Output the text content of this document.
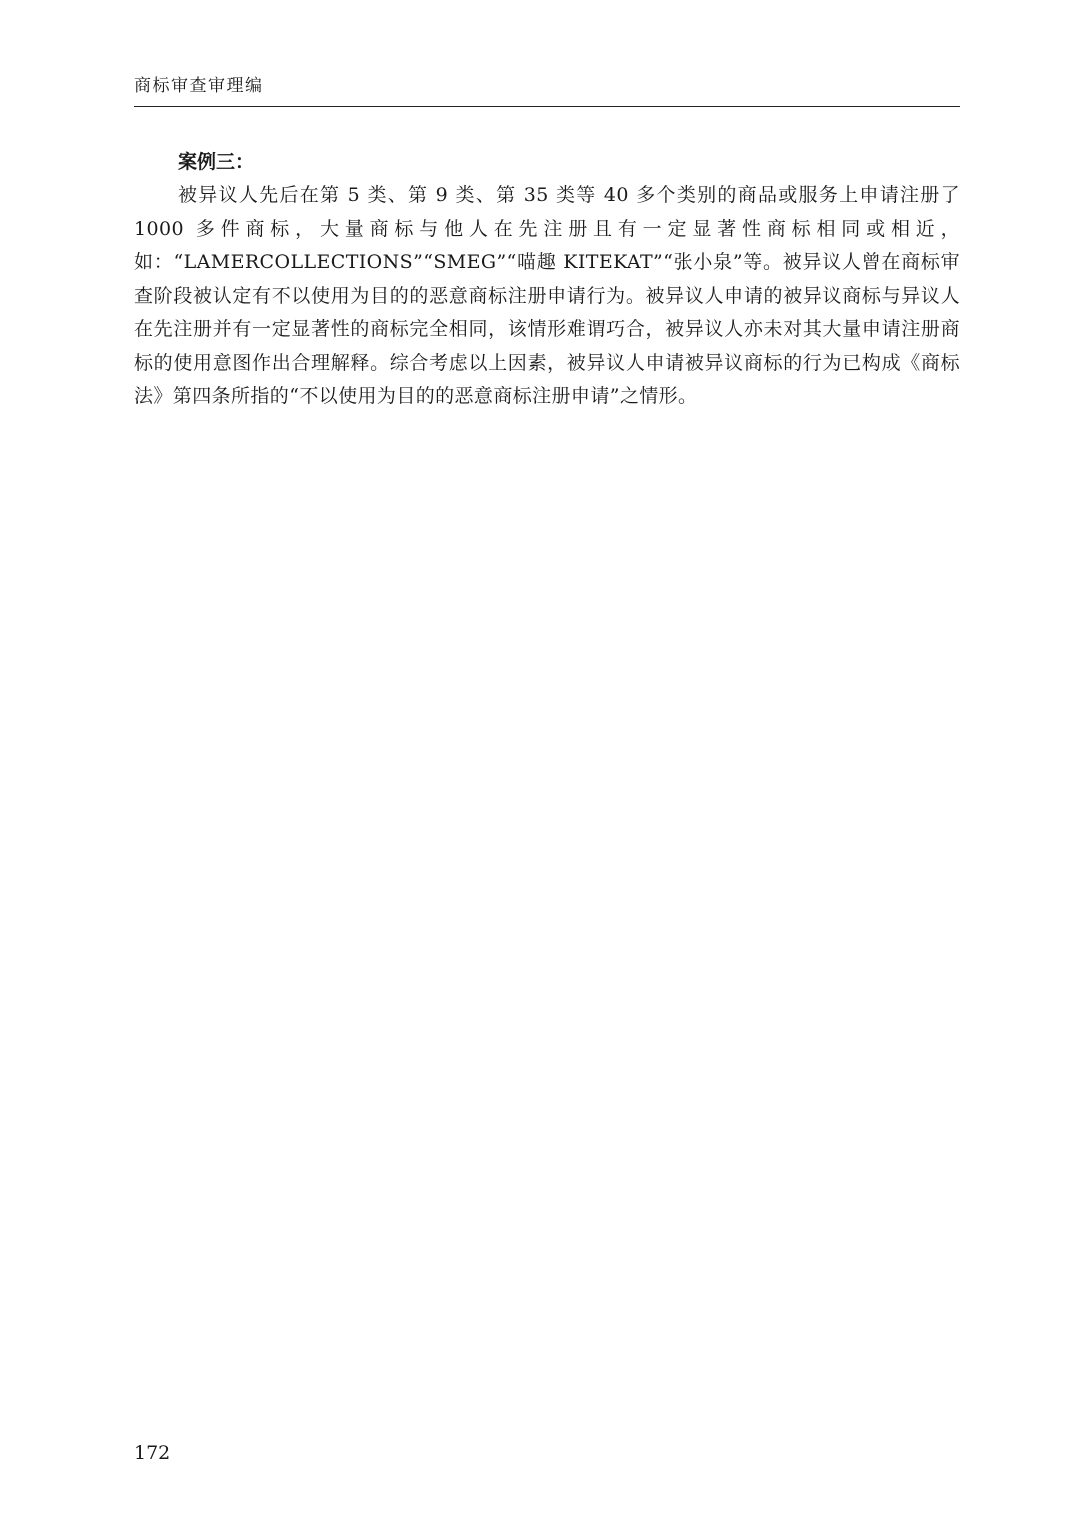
商标审查审理编

案例三：

被异议人先后在第 5 类、第 9 类、第 35 类等 40 多个类别的商品或服务上申请注册了 1000 多件商标，大量商标与他人在先注册且有一定显著性商标相同或相近，如：“LAMERCOLLECTIONS”“SMEG”“喵趣 KITEKAT”“张小泉”等。被异议人曾在商标审查阶段被认定有不以使用为目的的恶意商标注册申请行为。被异议人申请的被异议商标与异议人在先注册并有一定显著性的商标完全相同，该情形难谓巧合，被异议人亦未对其大量申请注册商标的使用意图作出合理解释。综合考虑以上因素，被异议人申请被异议商标的行为已构成《商标法》第四条所指的“不以使用为目的的恶意商标注册申请”之情形。

172
